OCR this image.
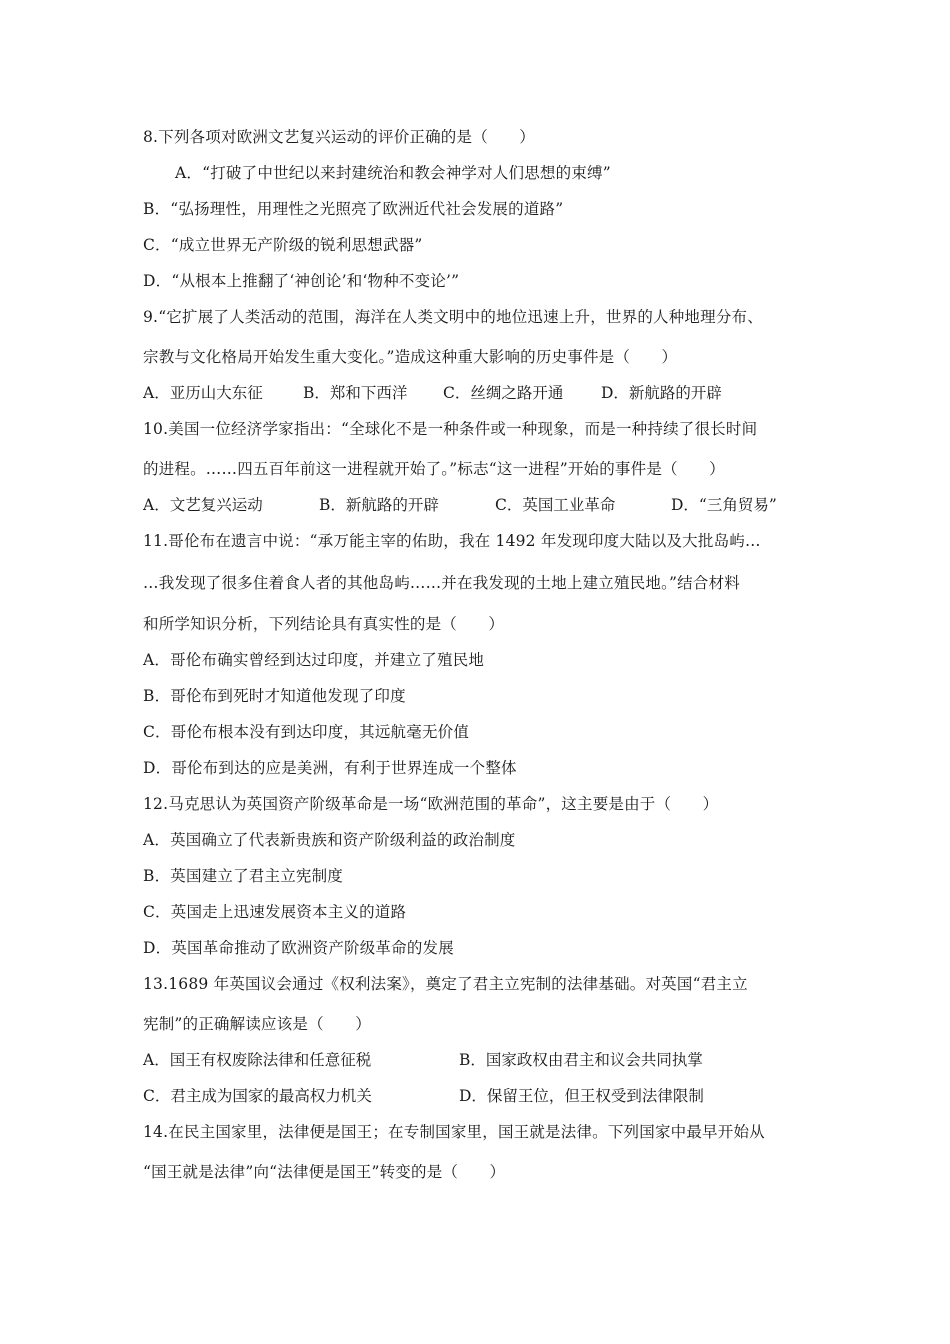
8.下列各项对欧洲文艺复兴运动的评价正确的是（　　）
A．“打破了中世纪以来封建统治和教会神学对人们思想的束缚”
B．“弘扬理性，用理性之光照亮了欧洲近代社会发展的道路”
C．“成立世界无产阶级的锐利思想武器”
D．“从根本上推翻了‘神创论’和‘物种不变论’”
9.“它扩展了人类活动的范围，海洋在人类文明中的地位迅速上升，世界的人种地理分布、
宗教与文化格局开始发生重大变化。”造成这种重大影响的历史事件是（　　）
A．亚历山大东征	B．郑和下西洋 C．丝绸之路开通 D．新航路的开辟
10.美国一位经济学家指出：“全球化不是一种条件或一种现象，而是一种持续了很长时间
的进程。……四五百年前这一进程就开始了。”标志“这一进程”开始的事件是（　　）
A．文艺复兴运动	B．新航路的开辟	C．英国工业革命	D．“三角贸易”
11.哥伦布在遗言中说：“承万能主宰的佑助，我在 1492 年发现印度大陆以及大批岛屿…
…我发现了很多住着食人者的其他岛屿……并在我发现的土地上建立殖民地。”结合材料
和所学知识分析，下列结论具有真实性的是（　　）
A．哥伦布确实曾经到达过印度，并建立了殖民地
B．哥伦布到死时才知道他发现了印度
C．哥伦布根本没有到达印度，其远航毫无价值
D．哥伦布到达的应是美洲，有利于世界连成一个整体
12.马克思认为英国资产阶级革命是一场“欧洲范围的革命”，这主要是由于（　　）
A．英国确立了代表新贵族和资产阶级利益的政治制度
B．英国建立了君主立宪制度
C．英国走上迅速发展资本主义的道路
D．英国革命推动了欧洲资产阶级革命的发展
13.1689 年英国议会通过《权利法案》，奠定了君主立宪制的法律基础。对英国“君主立
宪制”的正确解读应该是（　　）
A．国王有权废除法律和任意征税	B．国家政权由君主和议会共同执掌
C．君主成为国家的最高权力机关	D．保留王位，但王权受到法律限制
14.在民主国家里，法律便是国王；在专制国家里，国王就是法律。下列国家中最早开始从
“国王就是法律”向“法律便是国王”转变的是（　　）
